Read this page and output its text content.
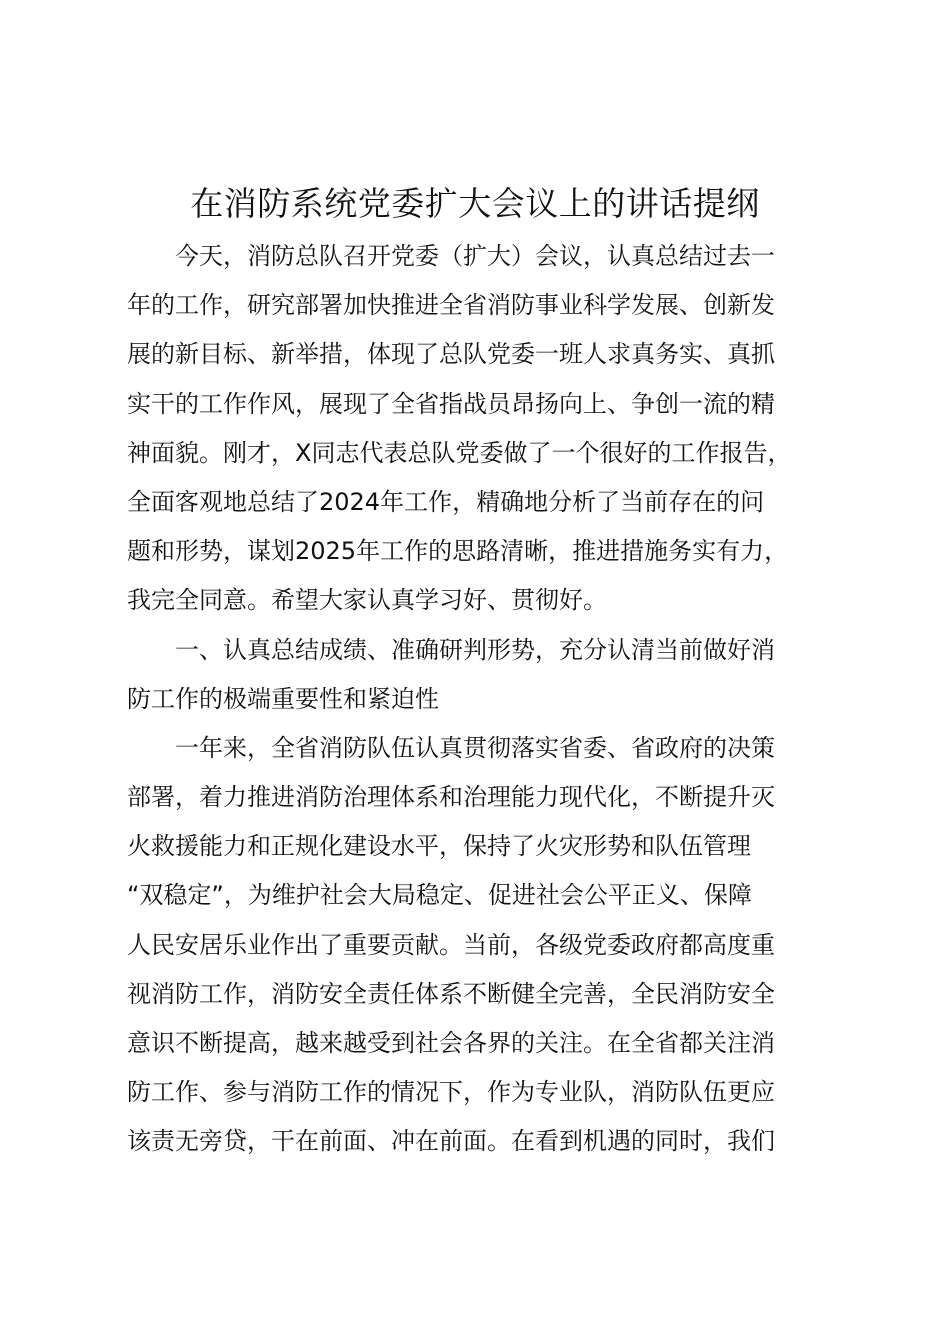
在消防系统党委扩大会议上的讲话提纲
今天，消防总队召开党委（扩大）会议，认真总结过去一
年的工作，研究部署加快推进全省消防事业科学发展、创新发
展的新目标、新举措，体现了总队党委一班人求真务实、真抓
实干的工作作风，展现了全省指战员昂扬向上、争创一流的精
神面貌。刚才，X同志代表总队党委做了一个很好的工作报告，
全面客观地总结了2024年工作，精确地分析了当前存在的问
题和形势，谋划2025年工作的思路清晰，推进措施务实有力，
我完全同意。希望大家认真学习好、贯彻好。
一、认真总结成绩、准确研判形势，充分认清当前做好消
防工作的极端重要性和紧迫性
一年来，全省消防队伍认真贯彻落实省委、省政府的决策
部署，着力推进消防治理体系和治理能力现代化，不断提升灭
火救援能力和正规化建设水平，保持了火灾形势和队伍管理
“双稳定”，为维护社会大局稳定、促进社会公平正义、保障
人民安居乐业作出了重要贡献。当前，各级党委政府都高度重
视消防工作，消防安全责任体系不断健全完善，全民消防安全
意识不断提高，越来越受到社会各界的关注。在全省都关注消
防工作、参与消防工作的情况下，作为专业队，消防队伍更应
该责无旁贷，干在前面、冲在前面。在看到机遇的同时，我们
